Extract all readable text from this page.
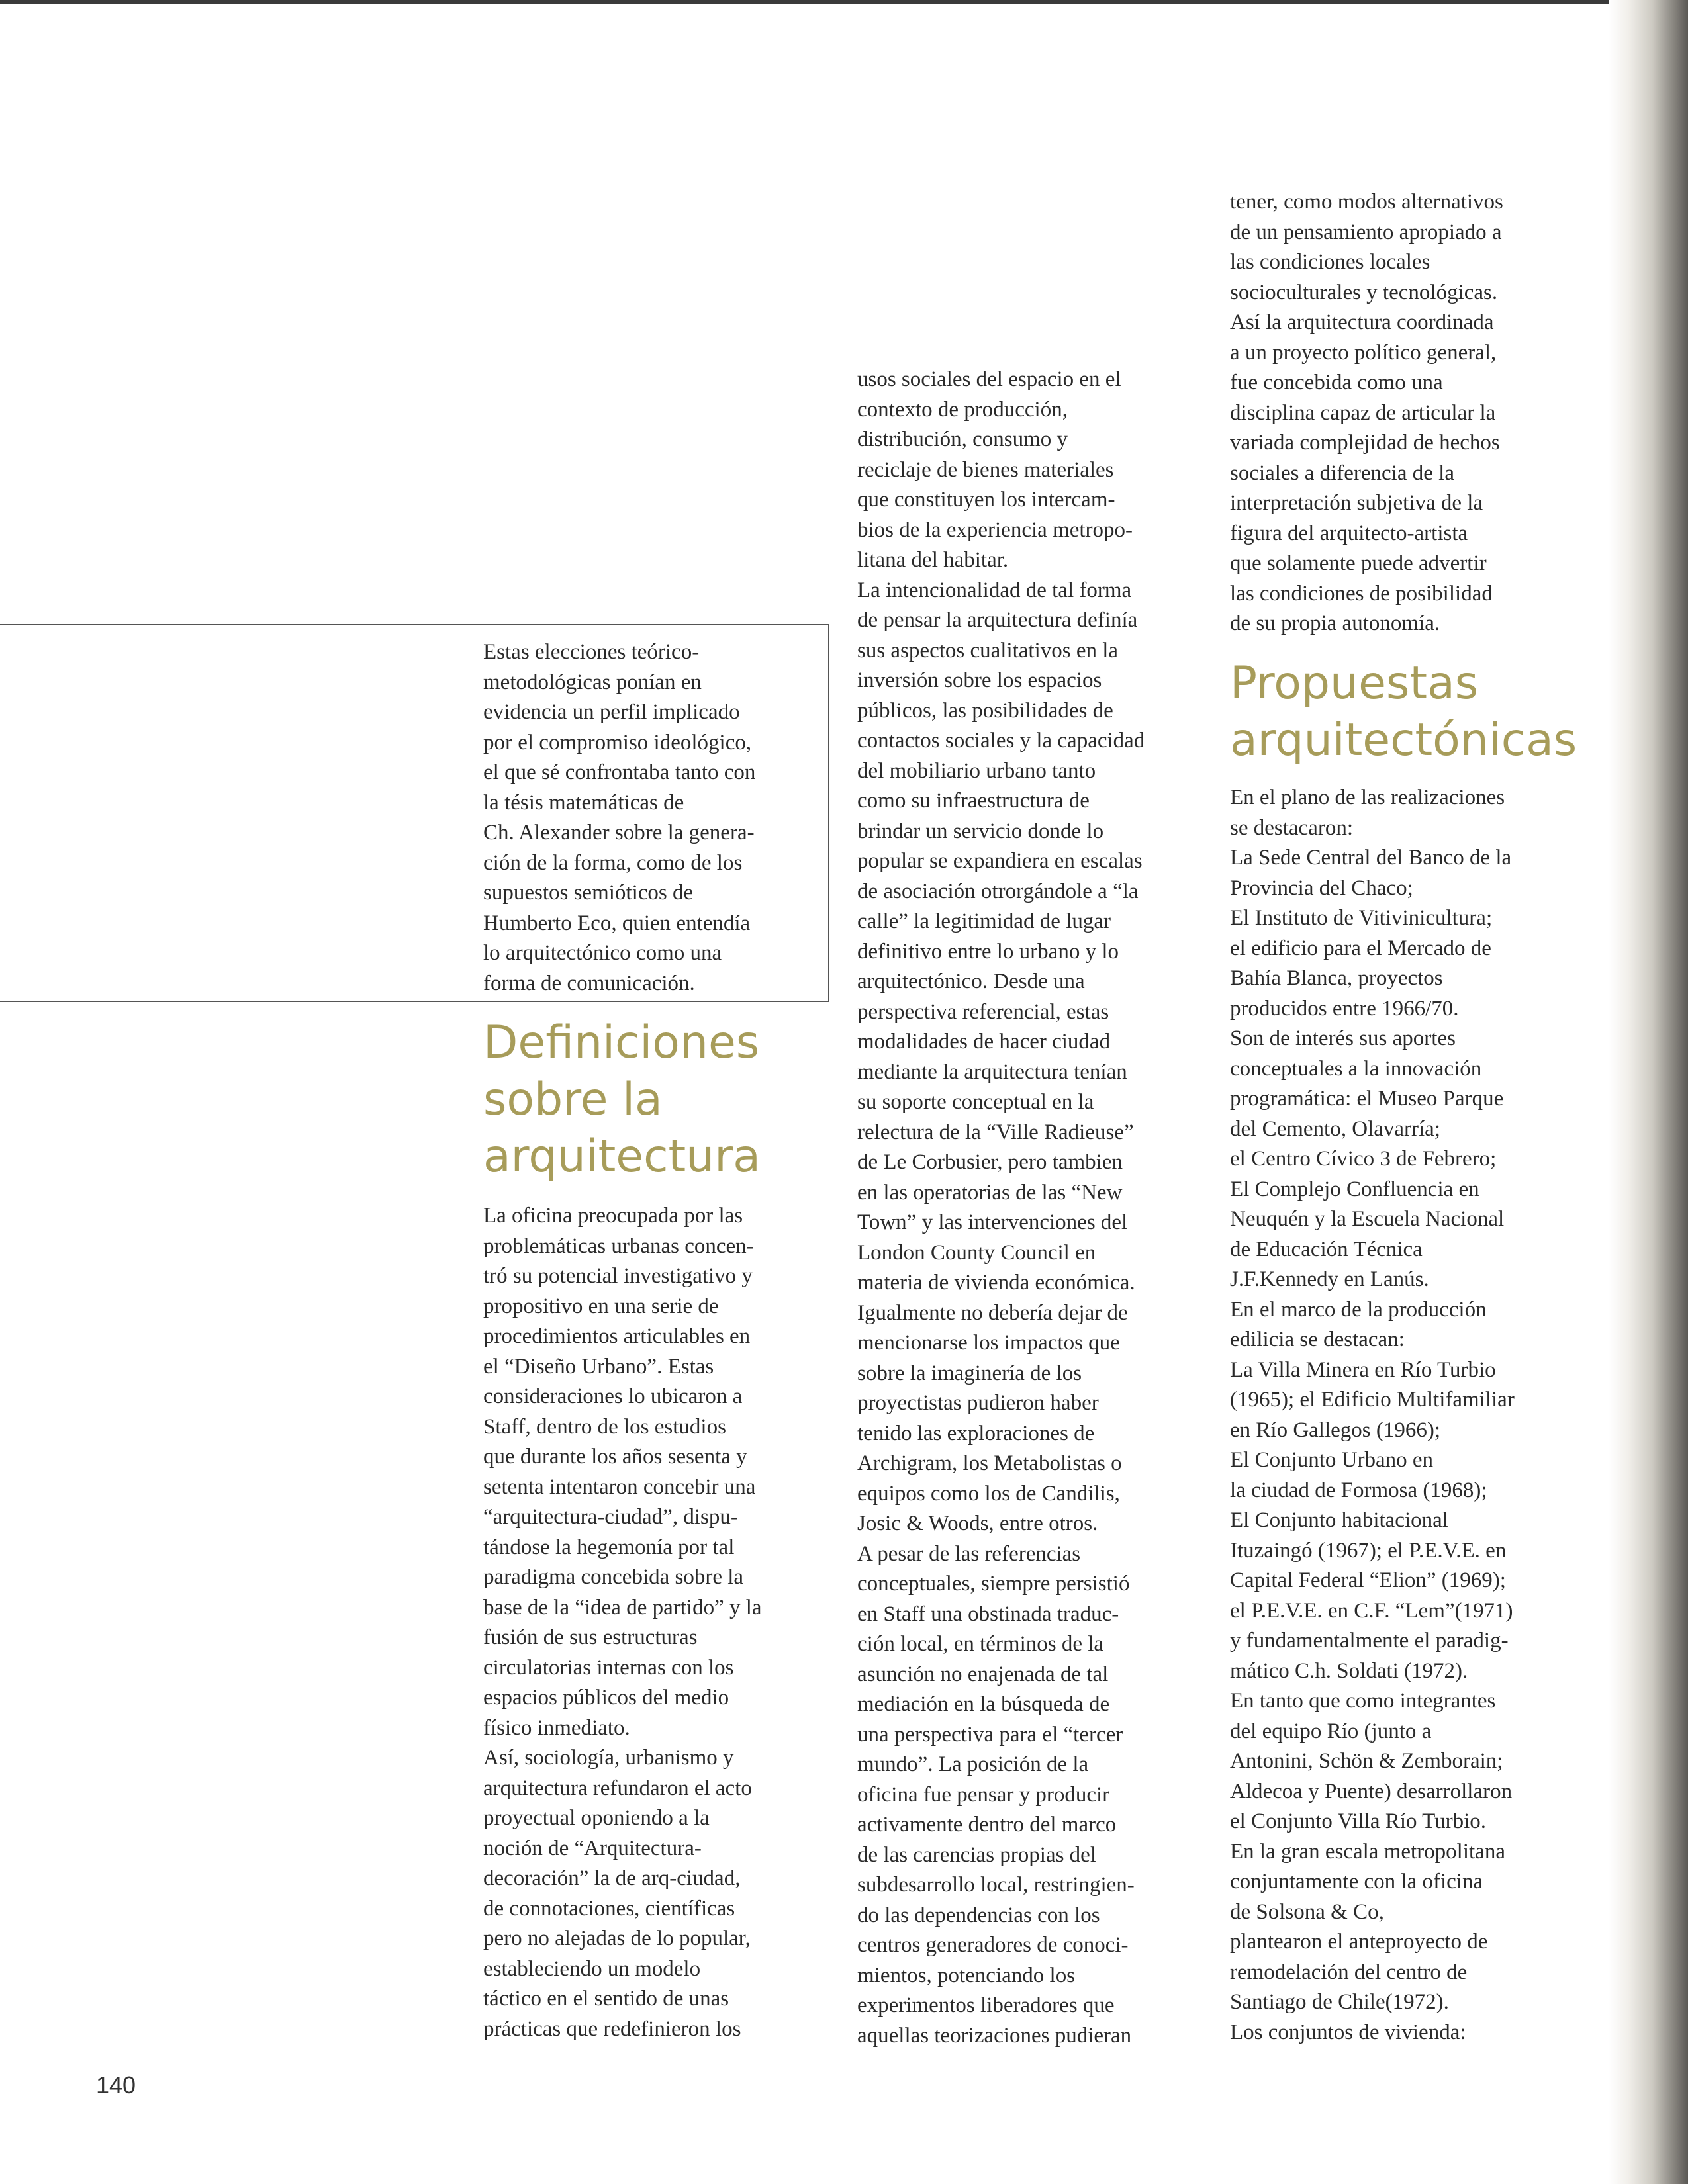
Estas elecciones teórico-
metodológicas ponían en
evidencia un perfil implicado
por el compromiso ideológico,
el que sé confrontaba tanto con
la tésis matemáticas de
Ch. Alexander sobre la genera-
ción de la forma, como de los
supuestos semióticos de
Humberto Eco, quien entendía
lo arquitectónico como una
forma de comunicación.
Definiciones
sobre la
arquitectura
La oficina preocupada por las
problemáticas urbanas concen-
tró su potencial investigativo y
propositivo en una serie de
procedimientos articulables en
el “Diseño Urbano”. Estas
consideraciones lo ubicaron a
Staff, dentro de los estudios
que durante los años sesenta y
setenta intentaron concebir una
“arquitectura-ciudad”, dispu-
tándose la hegemonía por tal
paradigma concebida sobre la
base de la “idea de partido” y la
fusión de sus estructuras
circulatorias internas con los
espacios públicos del medio
físico inmediato.
Así, sociología, urbanismo y
arquitectura refundaron el acto
proyectual oponiendo a la
noción de “Arquitectura-
decoración” la de arq-ciudad,
de connotaciones, científicas
pero no alejadas de lo popular,
estableciendo un modelo
táctico en el sentido de unas
prácticas que redefinieron los
usos sociales del espacio en el
contexto de producción,
distribución, consumo y
reciclaje de bienes materiales
que constituyen los intercam-
bios de la experiencia metropo-
litana del habitar.
La intencionalidad de tal forma
de pensar la arquitectura definía
sus aspectos cualitativos en la
inversión sobre los espacios
públicos, las posibilidades de
contactos sociales y la capacidad
del mobiliario urbano tanto
como su infraestructura de
brindar un servicio donde lo
popular se expandiera en escalas
de asociación otrorgándole a “la
calle” la legitimidad de lugar
definitivo entre lo urbano y lo
arquitectónico. Desde una
perspectiva referencial, estas
modalidades de hacer ciudad
mediante la arquitectura tenían
su soporte conceptual en la
relectura de la “Ville Radieuse”
de Le Corbusier, pero tambien
en las operatorias de las “New
Town” y las intervenciones del
London County Council en
materia de vivienda económica.
Igualmente no debería dejar de
mencionarse los impactos que
sobre la imaginería de los
proyectistas pudieron haber
tenido las exploraciones de
Archigram, los Metabolistas o
equipos como los de Candilis,
Josic & Woods, entre otros.
A pesar de las referencias
conceptuales, siempre persistió
en Staff una obstinada traduc-
ción local, en términos de la
asunción no enajenada de tal
mediación en la búsqueda de
una perspectiva para el “tercer
mundo”. La posición de la
oficina fue pensar y producir
activamente dentro del marco
de las carencias propias del
subdesarrollo local, restringien-
do las dependencias con los
centros generadores de conoci-
mientos, potenciando los
experimentos liberadores que
aquellas teorizaciones pudieran
tener, como modos alternativos
de un pensamiento apropiado a
las condiciones locales
socioculturales y tecnológicas.
Así la arquitectura coordinada
a un proyecto político general,
fue concebida como una
disciplina capaz de articular la
variada complejidad de hechos
sociales a diferencia de la
interpretación subjetiva de la
figura del arquitecto-artista
que solamente puede advertir
las condiciones de posibilidad
de su propia autonomía.
Propuestas
arquitectónicas
En el plano de las realizaciones
se destacaron:
La Sede Central del Banco de la
Provincia del Chaco;
El Instituto de Vitivinicultura;
el edificio para el Mercado de
Bahía Blanca, proyectos
producidos entre 1966/70.
Son de interés sus aportes
conceptuales a la innovación
programática: el Museo Parque
del Cemento, Olavarría;
el Centro Cívico 3 de Febrero;
El Complejo Confluencia en
Neuquén y la Escuela Nacional
de Educación Técnica
J.F.Kennedy en Lanús.
En el marco de la producción
edilicia se destacan:
La Villa Minera en Río Turbio
(1965); el Edificio Multifamiliar
en Río Gallegos (1966);
El Conjunto Urbano en
la ciudad de Formosa (1968);
El Conjunto habitacional
Ituzaingó (1967); el P.E.V.E. en
Capital Federal “Elion” (1969);
el P.E.V.E. en C.F. “Lem”(1971)
y fundamentalmente el paradig-
mático C.h. Soldati (1972).
En tanto que como integrantes
del equipo Río (junto a
Antonini, Schön & Zemborain;
Aldecoa y Puente) desarrollaron
el Conjunto Villa Río Turbio.
En la gran escala metropolitana
conjuntamente con la oficina
de Solsona & Co,
plantearon el anteproyecto de
remodelación del centro de
Santiago de Chile(1972).
Los conjuntos de vivienda:
140
